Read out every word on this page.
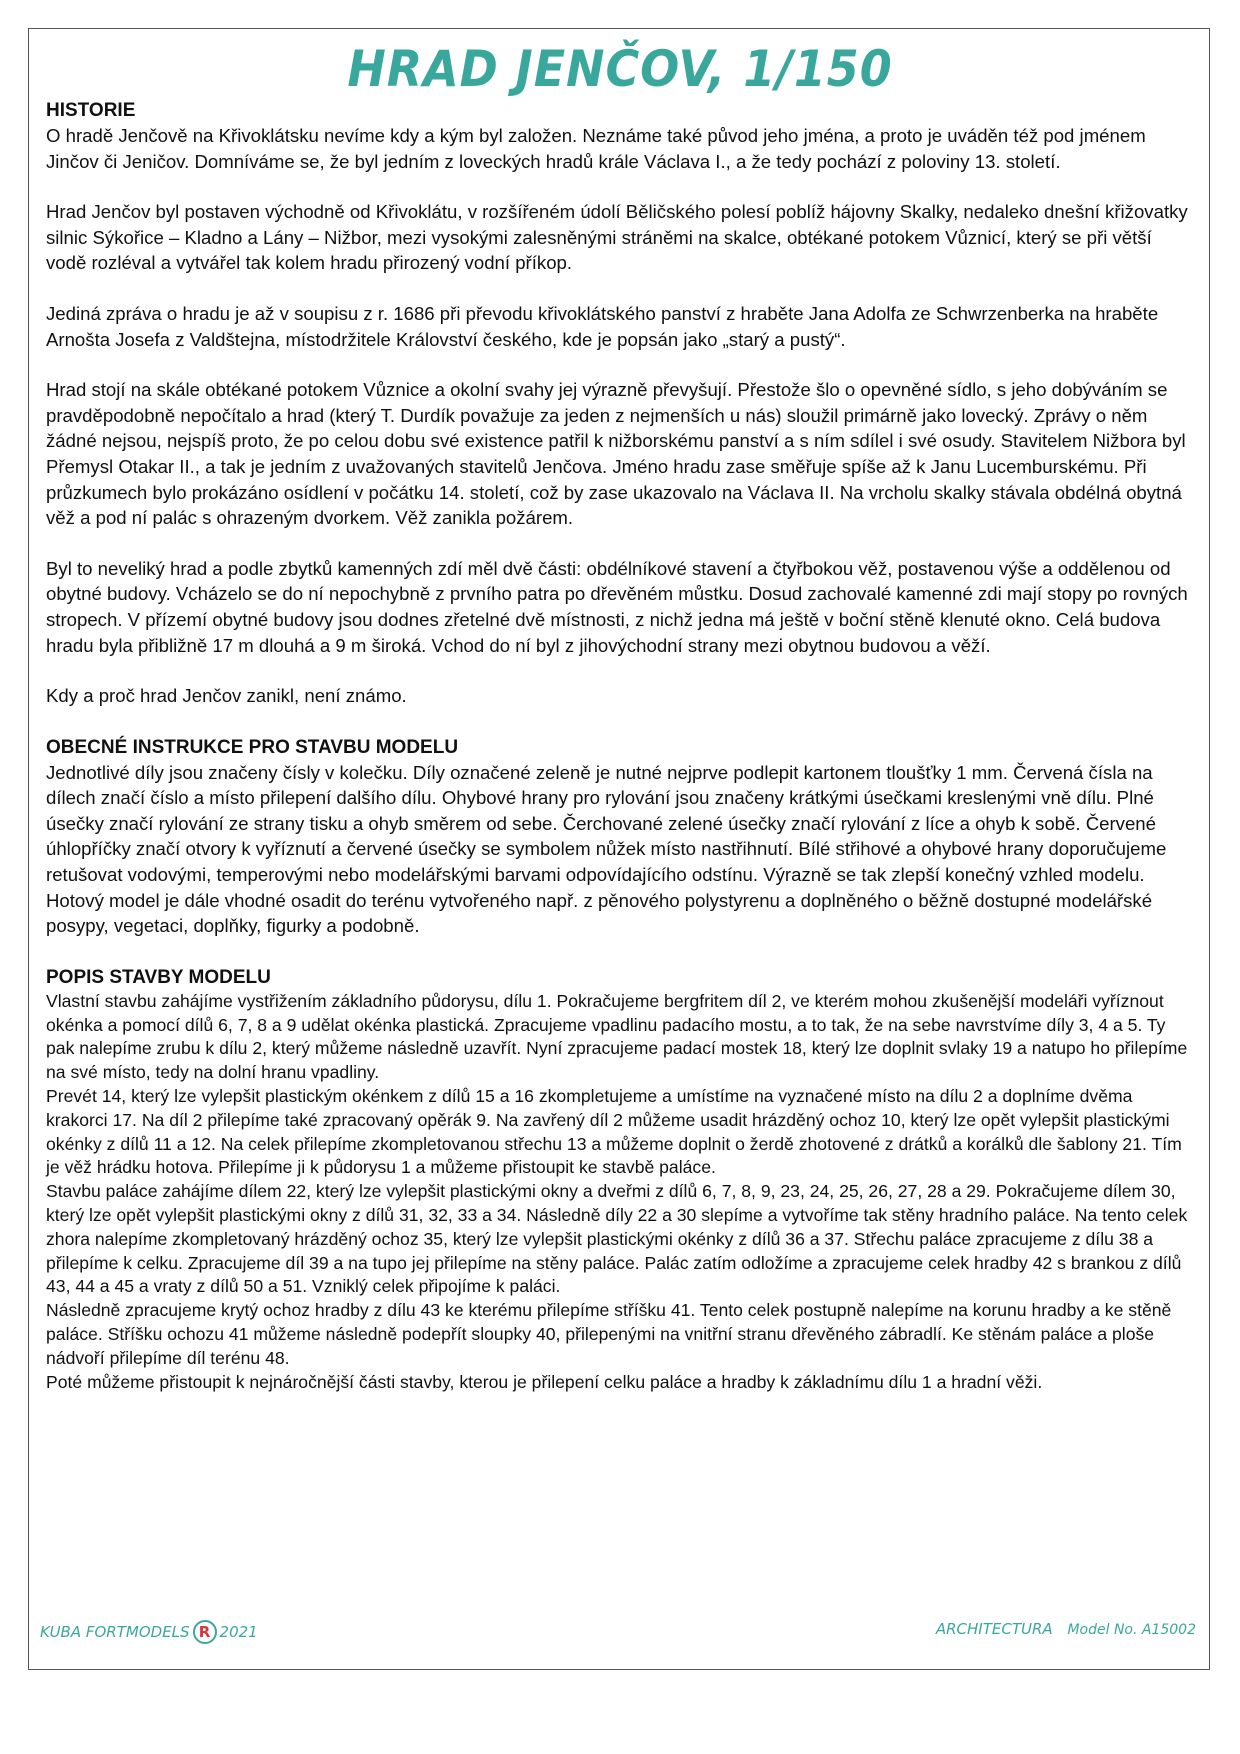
HRAD JENČOV, 1/150
HISTORIE

O hradě Jenčově na Křivoklátsku nevíme kdy a kým byl založen. Neznáme také původ jeho jména, a proto je uváděn též pod jménem Jinčov či Jeničov. Domníváme se, že byl jedním z loveckých hradů krále Václava I., a že tedy pochází z poloviny 13. století.

Hrad Jenčov byl postaven východně od Křivoklátu, v rozšířeném údolí Běličského polesí poblíž hájovny Skalky, nedaleko dnešní křižovatky silnic Sýkořice – Kladno a Lány – Nižbor, mezi vysokými zalesněnými stráněmi na skalce, obtékané potokem Vůznicí, který se při větší vodě rozléval a vytvářel tak kolem hradu přirozený vodní příkop.

Jediná zpráva o hradu je až v soupisu z r. 1686 při převodu křivoklátského panství z hraběte Jana Adolfa ze Schwrzenberka na hraběte Arnošta Josefa z Valdštejna, místodržitele Království českého, kde je popsán jako „starý a pustý“.

Hrad stojí na skále obtékané potokem Vůznice a okolní svahy jej výrazně převyšují. Přestože šlo o opevněné sídlo, s jeho dobýváním se pravděpodobně nepočítalo a hrad (který T. Durdík považuje za jeden z nejmenších u nás) sloužil primárně jako lovecký. Zprávy o něm žádné nejsou, nejspíš proto, že po celou dobu své existence patřil k nižborskému panství a s ním sdílel i své osudy. Stavitelem Nižbora byl Přemysl Otakar II., a tak je jedním z uvažovaných stavitelů Jenčova. Jméno hradu zase směřuje spíše až k Janu Lucemburskému. Při průzkumech bylo prokázáno osídlení v počátku 14. století, což by zase ukazovalo na Václava II. Na vrcholu skalky stávala obdélná obytná věž a pod ní palác s ohrazeným dvorkem. Věž zanikla požárem.

Byl to neveliký hrad a podle zbytků kamenných zdí měl dvě části: obdélníkové stavení a čtyřbokou věž, postavenou výše a oddělenou od obytné budovy. Vcházelo se do ní nepochybně z prvního patra po dřevěném můstku. Dosud zachovalé kamenné zdi mají stopy po rovných stropech. V přízemí obytné budovy jsou dodnes zřetelné dvě místnosti, z nichž jedna má ještě v boční stěně klenuté okno. Celá budova hradu byla přibližně 17 m dlouhá a 9 m široká. Vchod do ní byl z jihovýchodní strany mezi obytnou budovou a věží.

Kdy a proč hrad Jenčov zanikl, není známo.

OBECNÉ INSTRUKCE PRO STAVBU MODELU

Jednotlivé díly jsou značeny čísly v kolečku. Díly označené zeleně je nutné nejprve podlepit kartonem tloušťky 1 mm. Červená čísla na dílech značí číslo a místo přilepení dalšího dílu. Ohybové hrany pro rylování jsou značeny krátkými úsečkami kreslenými vně dílu. Plné úsečky značí rylování ze strany tisku a ohyb směrem od sebe. Čerchované zelené úsečky značí rylování z líce a ohyb k sobě. Červené úhlopříčky značí otvory k vyříznutí a červené úsečky se symbolem nůžek místo nastřihnutí. Bílé střihové a ohybové hrany doporučujeme retušovat vodovými, temperovými nebo modelářskými barvami odpovídajícího odstínu. Výrazně se tak zlepší konečný vzhled modelu. Hotový model je dále vhodné osadit do terénu vytvořeného např. z pěnového polystyrenu a doplněného o běžně dostupné modelářské posypy, vegetaci, doplňky, figurky a podobně.

POPIS STAVBY MODELU

Vlastní stavbu zahájíme vystřižením základního půdorysu, dílu 1. Pokračujeme bergfritem díl 2, ve kterém mohou zkušenější modeláři vyříznout okénka a pomocí dílů 6, 7, 8 a 9 udělat okénka plastická. Zpracujeme vpadlinu padacího mostu, a to tak, že na sebe navrstvíme díly 3, 4 a 5. Ty pak nalepíme zrubu k dílu 2, který můžeme následně uzavřít. Nyní zpracujeme padací mostek 18, který lze doplnit svlaky 19 a natupo ho přilepíme na své místo, tedy na dolní hranu vpadliny.

Prevét 14, který lze vylepšit plastickým okénkem z dílů 15 a 16 zkompletujeme a umístíme na vyznačené místo na dílu 2 a doplníme dvěma krakorci 17. Na díl 2 přilepíme také zpracovaný opěrák 9. Na zavřený díl 2 můžeme usadit hrázděný ochoz 10, který lze opět vylepšit plastickými okénky z dílů 11 a 12. Na celek přilepíme zkompletovanou střechu 13 a můžeme doplnit o žerdě zhotovené z drátků a korálků dle šablony 21. Tím je věž hrádku hotova. Přilepíme ji k půdorysu 1 a můžeme přistoupit ke stavbě paláce.

Stavbu paláce zahájíme dílem 22, který lze vylepšit plastickými okny a dveřmi z dílů 6, 7, 8, 9, 23, 24, 25, 26, 27, 28 a 29. Pokračujeme dílem 30, který lze opět vylepšit plastickými okny z dílů 31, 32, 33 a 34. Následně díly 22 a 30 slepíme a vytvoříme tak stěny hradního paláce. Na tento celek zhora nalepíme zkompletovaný hrázděný ochoz 35, který lze vylepšit plastickými okénky z dílů 36 a 37. Střechu paláce zpracujeme z dílu 38 a přilepíme k celku. Zpracujeme díl 39 a na tupo jej přilepíme na stěny paláce. Palác zatím odložíme a zpracujeme celek hradby 42 s brankou z dílů 43, 44 a 45 a vraty z dílů 50 a 51. Vzniklý celek připojíme k paláci.

Následně zpracujeme krytý ochoz hradby z dílu 43 ke kterému přilepíme stříšku 41. Tento celek postupně nalepíme na korunu hradby a ke stěně paláce. Stříšku ochozu 41 můžeme následně podepřít sloupky 40, přilepenými na vnitřní stranu dřevěného zábradlí. Ke stěnám paláce a ploše nádvoří přilepíme díl terénu 48.

Poté můžeme přistoupit k nejnáročnější části stavby, kterou je přilepení celku paláce a hradby k základnímu dílu 1 a hradní věži.

KUBA FORTMODELS R 2021	ARCHITECTURA Model No. A15002
